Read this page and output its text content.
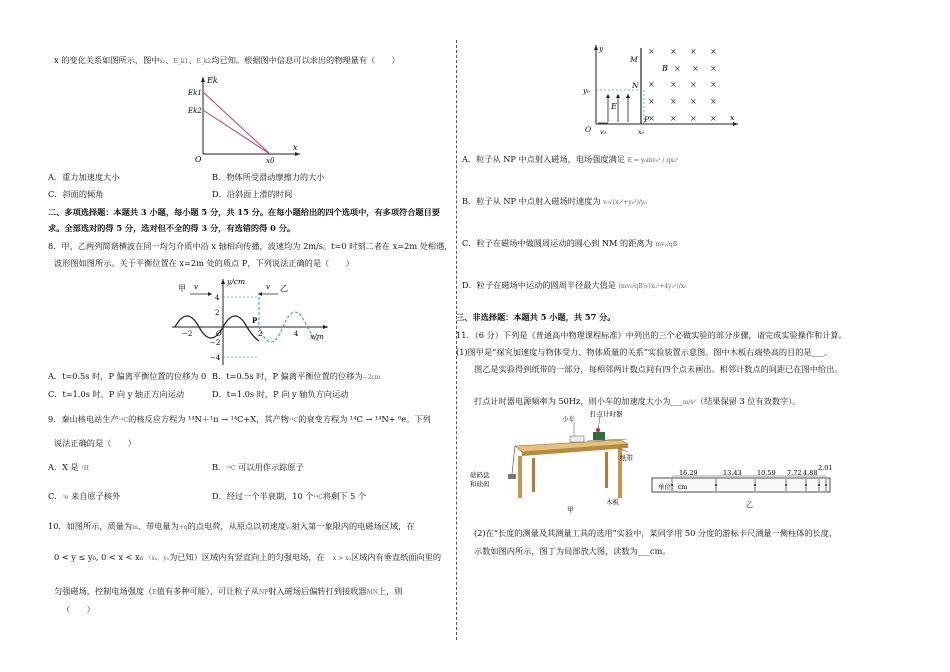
x 的变化关系如图所示，图中x₀、E_k1、E_k2均已知。根据图中信息可以求出的物理量有（　　）
Ek
Ek1
Ek2
O	x0
x
A．重力加速度大小	B．物体所受滑动摩擦力的大小
C．斜面的倾角	D．沿斜面上滑的时间
二、多项选择题：本题共 3 小题，每小题 5 分，共 15 分。在每小题给出的四个选项中，有多项符合题目要
求。全部选对的得 5 分，选对但不全的得 3 分，有选错的得 0 分。
8．甲、乙两列简谐横波在同一均匀介质中沿 x 轴相向传播，波速均为 2m/s。t=0 时刻二者在 x=2m 处相遇，
波形图如图所示。关于平衡位置在 x=2m 处的质点 P，下列说法正确的是（　　）
甲 v	乙
v
y/cm
x/m
P
4
2
−2
−4
O
−2	2	4
A．t=0.5s 时，P 偏离平衡位置的位移为 0 B．t=0.5s 时，P 偏离平衡位置的位移为−2cm
C．t=1.0s 时，P 向 y 轴正方向运动	D．t=1.0s 时，P 向 y 轴负方向运动
9．秦山核电站生产¹⁴C的核反应方程为 ¹⁴N＋¹n → ¹⁴C+X，其产物¹⁴C的衰变方程为 ¹⁴C → ¹⁴N+ ⁰e。下列
说法正确的是（　　）
A．X 是 ¹H	B．¹⁴C 可以用作示踪原子
C．⁰e 来自原子核外	D．经过一个半衰期，10 个¹⁴C将剩下 5 个
10．如图所示，质量为m、带电量为+q的点电荷，从原点以初速度v₀射入第一象限内的电磁场区域，在
0 < y ≤ y₀, 0 < x < x₀ （x₀、y₀为已知）区域内有竖直向上的匀强电场，在　 x > x₀区域内有垂直纸面向里的
匀强磁场，控制电场强度（E值有多种可能），可让粒子从NP射入磁场后偏转打到接收器MN上，则
（　　）
y
M
B
N
y₀
E
O v₀
P
x₀
x
× × × ×
× × ×
× × × ×
× × × ×
× × × ×
A．粒子从 NP 中点射入磁场，电场强度满足 E = y₀mv₀² / qx₀²
B．粒子从 NP 中点射入磁场时速度为 v₀√(x₀²+y₀²)/y₀
C．粒子在磁场中做圆周运动的圆心到 NM 的距离为 mv₀/qB
D．粒子在磁场中运动的圆周半径最大值是 (mv₀/qB)√(x₀²+4y₀²)/x₀
三、非选择题：本题共 5 小题，共 57 分。
11．（6 分）下列是《普通高中物理课程标准》中列出的三个必做实验的部分步骤，请完成实验操作和计算。
(1)图甲是“探究加速度与物体受力、物体质量的关系”实验装置示意图。图中木板右端垫高的目的是___。
图乙是实验得到纸带的一部分，每相邻两计数点间有四个点未画出。相邻计数点的间距已在图中给出。
打点计时器电源频率为 50Hz，则小车的加速度大小为___m/s²（结果保留 3 位有效数字）。
小车
打点计时器
纸带
砝码盘
和砝码
木板
甲
16.29	13.43 10.59 7.72 4.88
2.01
单位：cm
乙
(2)在“长度的测量及其测量工具的选用”实验中，某同学用 50 分度的游标卡尺测量一侧柱体的长度，
示数如图内所示，图丁为局部放大图，读数为___cm。
